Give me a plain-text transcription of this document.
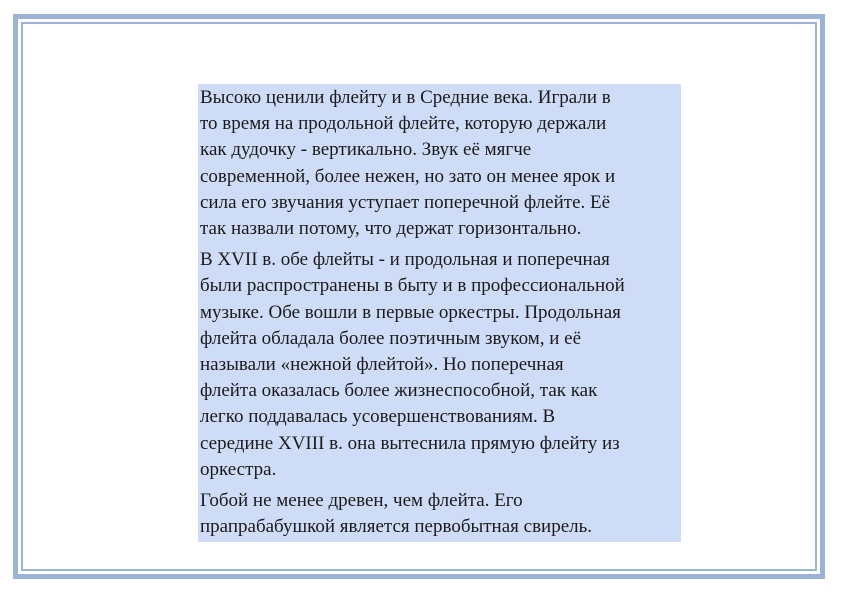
Высоко ценили флейту и в Средние века. Играли в
то время на продольной флейте, которую держали
как дудочку - вертикально. Звук её мягче
современной, более нежен, но зато он менее ярок и
сила его звучания уступает поперечной флейте. Её
так назвали потому, что держат горизонтально.

В XVII в. обе флейты - и продольная и поперечная
были распространены в быту и в профессиональной
музыке. Обе вошли в первые оркестры. Продольная
флейта обладала более поэтичным звуком, и её
называли «нежной флейтой». Но поперечная
флейта оказалась более жизнеспособной, так как
легко поддавалась усовершенствованиям. В
середине XVIII в. она вытеснила прямую флейту из
оркестра.

Гобой не менее древен, чем флейта. Его
прапрабабушкой является первобытная свирель.
